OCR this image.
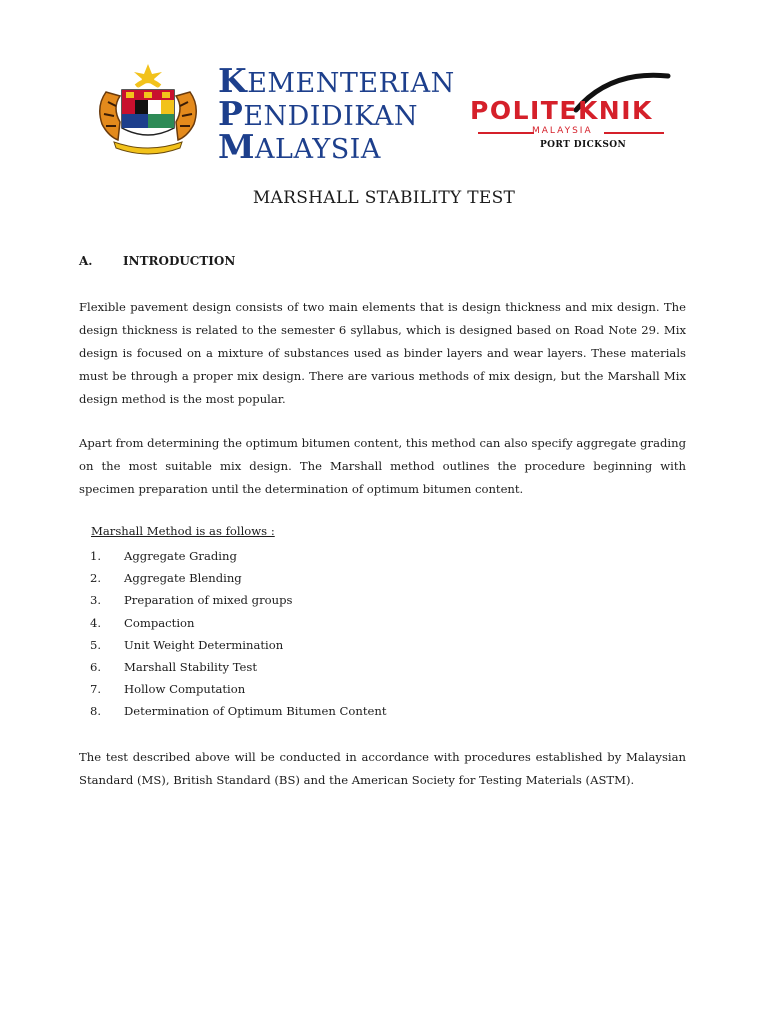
KEMENTERIAN
PENDIDIKAN
MALAYSIA
POLITEKNIK
MALAYSIA
PORT DICKSON
MARSHALL STABILITY TEST
A.	INTRODUCTION
Flexible pavement design consists of two main elements that is design thickness and mix design. The design thickness is related to the semester 6 syllabus, which is designed based on Road Note 29. Mix design is focused on a mixture of substances used as binder layers and wear layers. These materials must be through a proper mix design. There are various methods of mix design, but the Marshall Mix design method is the most popular.
Apart from determining the optimum bitumen content, this method can also specify aggregate grading on the most suitable mix design. The Marshall method outlines the procedure beginning with specimen preparation until the determination of optimum bitumen content.
Marshall Method is as follows :
1. Aggregate Grading
2. Aggregate Blending
3. Preparation of mixed groups
4. Compaction
5. Unit Weight Determination
6. Marshall Stability Test
7. Hollow Computation
8. Determination of Optimum Bitumen Content
The test described above will be conducted in accordance with procedures established by Malaysian Standard (MS), British Standard (BS) and the American Society for Testing Materials (ASTM).
